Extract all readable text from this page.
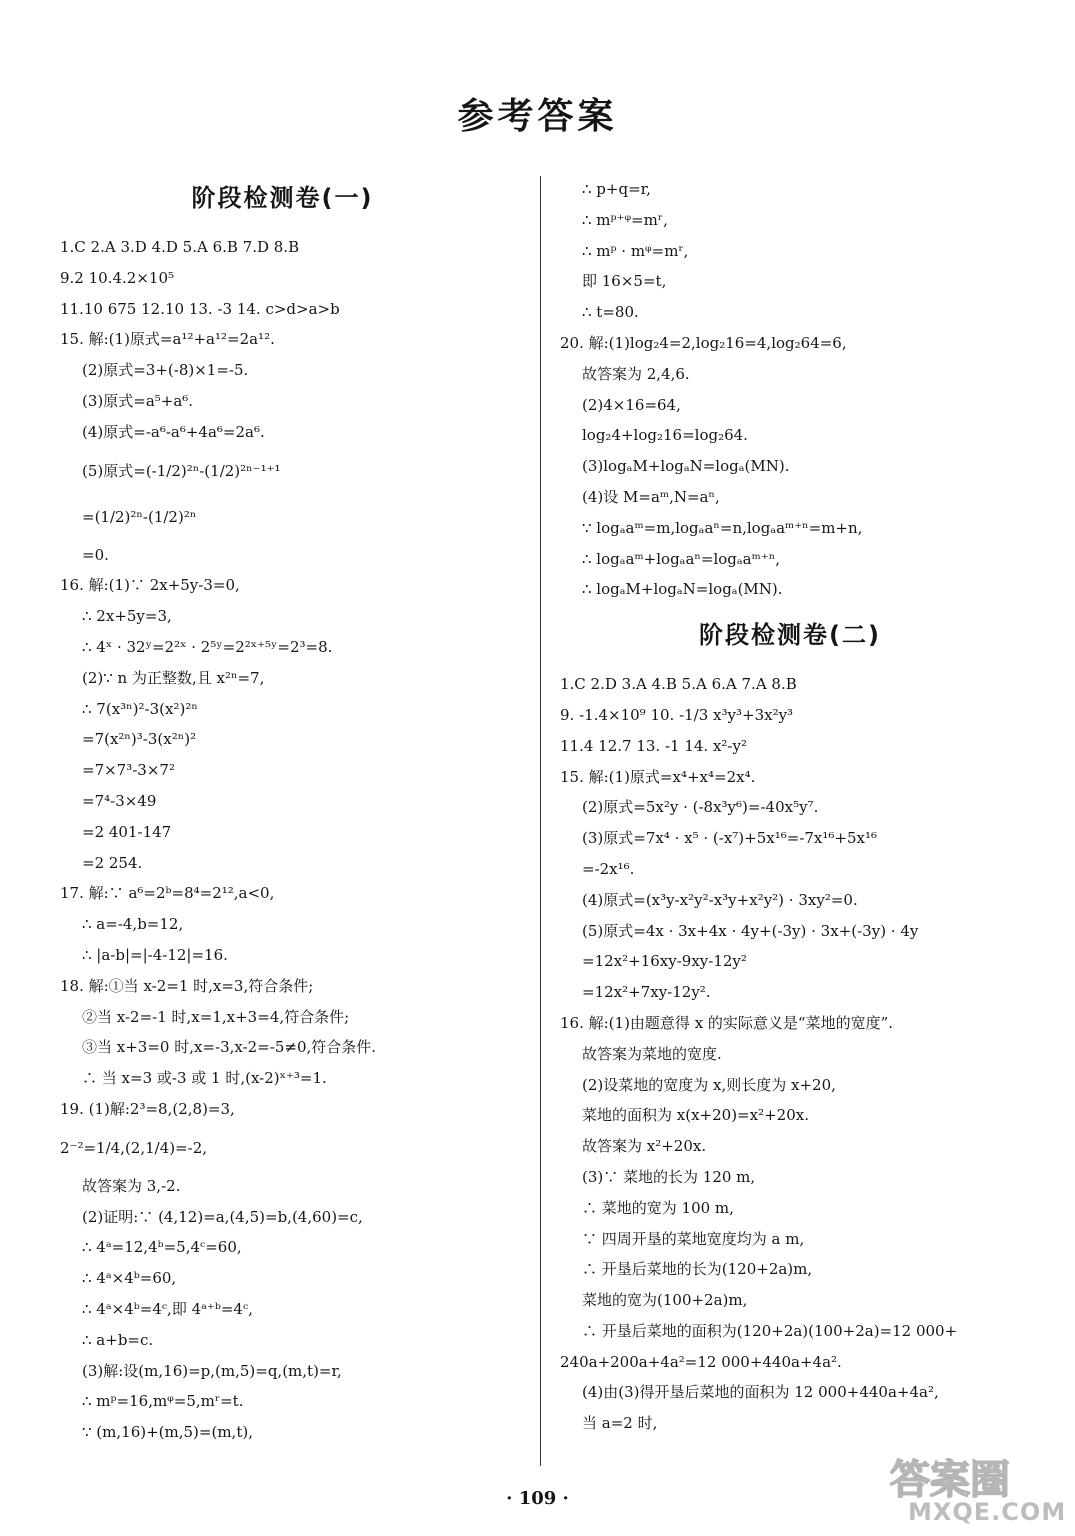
参考答案
阶段检测卷(一)
1.C 2.A 3.D 4.D 5.A 6.B 7.D 8.B
9.2 10.4.2×10⁵
11.10 675 12.10 13. -3 14. c>d>a>b
15. 解:(1)原式=a¹²+a¹²=2a¹².
(2)原式=3+(-8)×1=-5.
(3)原式=a⁵+a⁶.
(4)原式=-a⁶-a⁶+4a⁶=2a⁶.
(5)原式=(-1/2)²ⁿ-(1/2)²ⁿ⁻¹⁺¹
=(1/2)²ⁿ-(1/2)²ⁿ
=0.
16. 解:(1)∵ 2x+5y-3=0,
∴ 2x+5y=3,
∴ 4ˣ · 32ʸ=2²ˣ · 2⁵ʸ=2²ˣ⁺⁵ʸ=2³=8.
(2)∵ n 为正整数,且 x²ⁿ=7,
∴ 7(x³ⁿ)²-3(x²)²ⁿ
=7(x²ⁿ)³-3(x²ⁿ)²
=7×7³-3×7²
=7⁴-3×49
=2 401-147
=2 254.
17. 解:∵ a⁶=2ᵇ=8⁴=2¹²,a<0,
∴ a=-4,b=12,
∴ |a-b|=|-4-12|=16.
18. 解:①当 x-2=1 时,x=3,符合条件;
②当 x-2=-1 时,x=1,x+3=4,符合条件;
③当 x+3=0 时,x=-3,x-2=-5≠0,符合条件.
∴ 当 x=3 或-3 或 1 时,(x-2)ˣ⁺³=1.
19. (1)解:2³=8,(2,8)=3,
2⁻²=1/4,(2,1/4)=-2,
故答案为 3,-2.
(2)证明:∵ (4,12)=a,(4,5)=b,(4,60)=c,
∴ 4ᵃ=12,4ᵇ=5,4ᶜ=60,
∴ 4ᵃ×4ᵇ=60,
∴ 4ᵃ×4ᵇ=4ᶜ,即 4ᵃ⁺ᵇ=4ᶜ,
∴ a+b=c.
(3)解:设(m,16)=p,(m,5)=q,(m,t)=r,
∴ mᵖ=16,mᵠ=5,mʳ=t.
∵ (m,16)+(m,5)=(m,t),
∴ p+q=r,
∴ mᵖ⁺ᵠ=mʳ,
∴ mᵖ · mᵠ=mʳ,
即 16×5=t,
∴ t=80.
20. 解:(1)log₂4=2,log₂16=4,log₂64=6,
故答案为 2,4,6.
(2)4×16=64,
log₂4+log₂16=log₂64.
(3)logₐM+logₐN=logₐ(MN).
(4)设 M=aᵐ,N=aⁿ,
∵ logₐaᵐ=m,logₐaⁿ=n,logₐaᵐ⁺ⁿ=m+n,
∴ logₐaᵐ+logₐaⁿ=logₐaᵐ⁺ⁿ,
∴ logₐM+logₐN=logₐ(MN).
阶段检测卷(二)
1.C 2.D 3.A 4.B 5.A 6.A 7.A 8.B
9. -1.4×10⁹ 10. -1/3 x³y³+3x²y³
11.4 12.7 13. -1 14. x²-y²
15. 解:(1)原式=x⁴+x⁴=2x⁴.
(2)原式=5x²y · (-8x³y⁶)=-40x⁵y⁷.
(3)原式=7x⁴ · x⁵ · (-x⁷)+5x¹⁶=-7x¹⁶+5x¹⁶
=-2x¹⁶.
(4)原式=(x³y-x²y²-x³y+x²y²) · 3xy²=0.
(5)原式=4x · 3x+4x · 4y+(-3y) · 3x+(-3y) · 4y
=12x²+16xy-9xy-12y²
=12x²+7xy-12y².
16. 解:(1)由题意得 x 的实际意义是“菜地的宽度”.
故答案为菜地的宽度.
(2)设菜地的宽度为 x,则长度为 x+20,
菜地的面积为 x(x+20)=x²+20x.
故答案为 x²+20x.
(3)∵ 菜地的长为 120 m,
∴ 菜地的宽为 100 m,
∵ 四周开垦的菜地宽度均为 a m,
∴ 开垦后菜地的长为(120+2a)m,
菜地的宽为(100+2a)m,
∴ 开垦后菜地的面积为(120+2a)(100+2a)=12 000+
240a+200a+4a²=12 000+440a+4a².
(4)由(3)得开垦后菜地的面积为 12 000+440a+4a²,
当 a=2 时,
· 109 ·	答案圈
MXQE.COM
